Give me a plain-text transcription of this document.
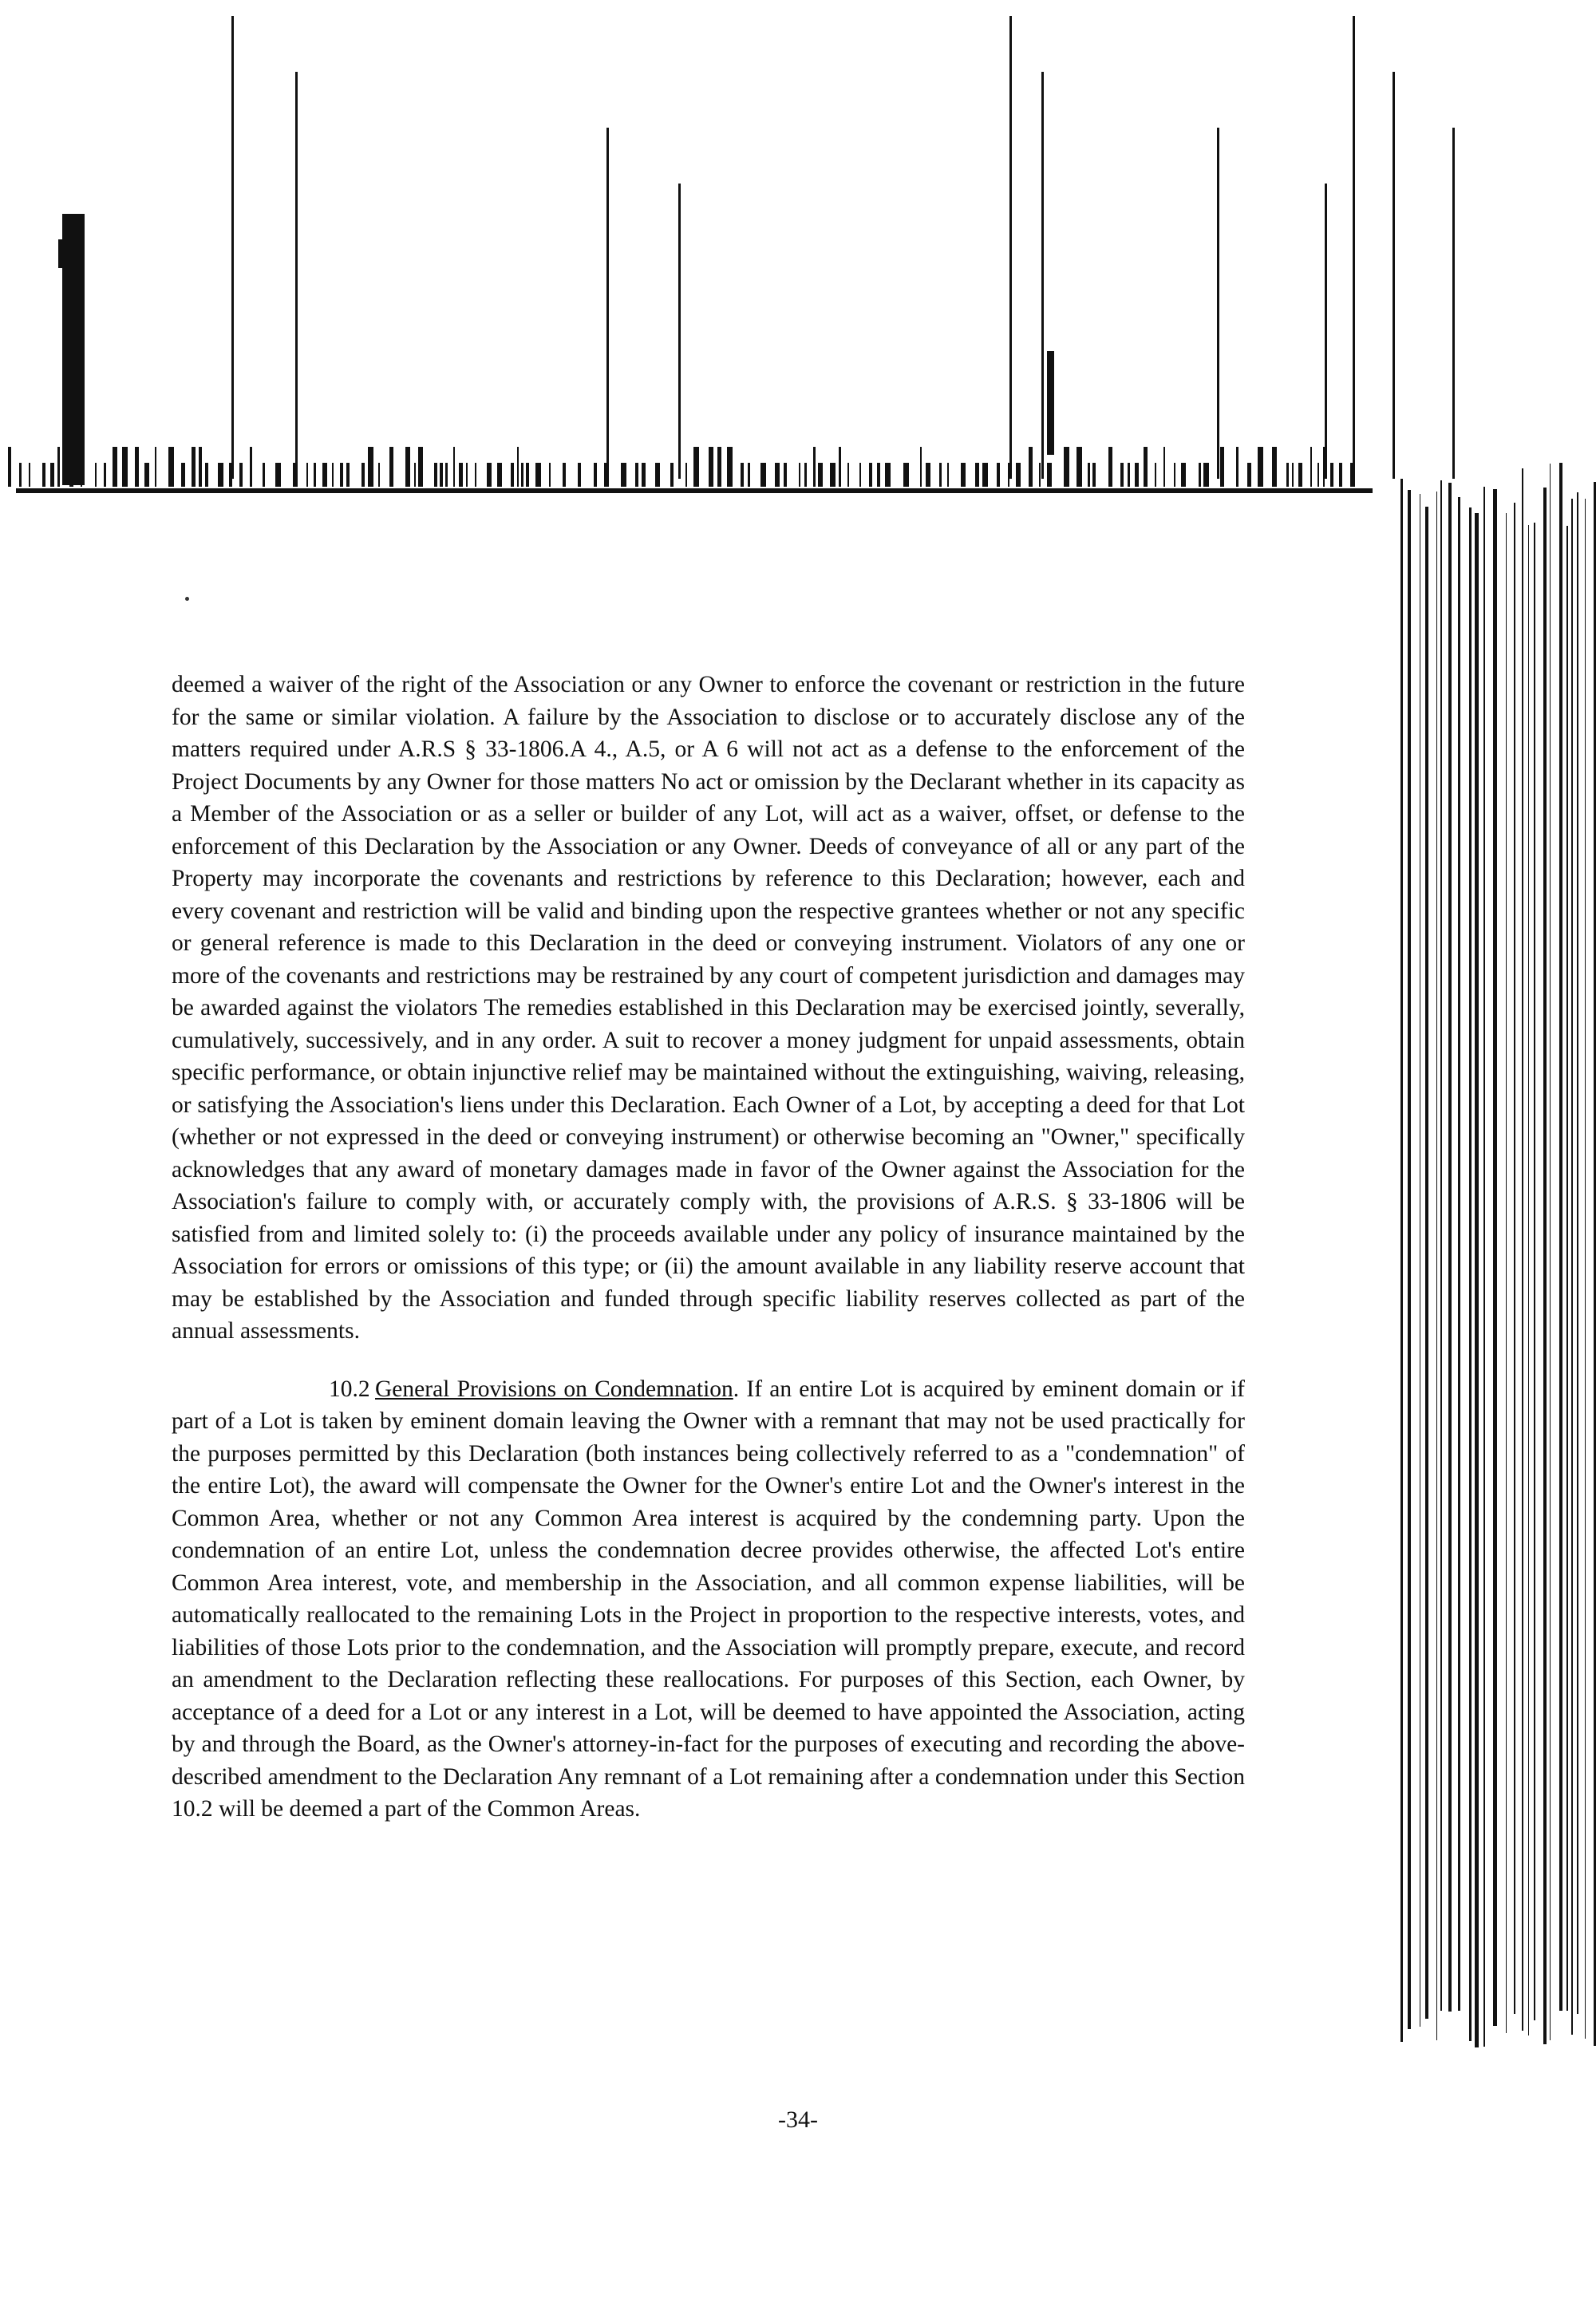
deemed a waiver of the right of the Association or any Owner to enforce the covenant or restriction in the future for the same or similar violation. A failure by the Association to disclose or to accurately disclose any of the matters required under A.R.S § 33-1806.A 4., A.5, or A 6 will not act as a defense to the enforcement of the Project Documents by any Owner for those matters No act or omission by the Declarant whether in its capacity as a Member of the Association or as a seller or builder of any Lot, will act as a waiver, offset, or defense to the enforcement of this Declaration by the Association or any Owner. Deeds of conveyance of all or any part of the Property may incorporate the covenants and restrictions by reference to this Declaration; however, each and every covenant and restriction will be valid and binding upon the respective grantees whether or not any specific or general reference is made to this Declaration in the deed or conveying instrument. Violators of any one or more of the covenants and restrictions may be restrained by any court of competent jurisdiction and damages may be awarded against the violators The remedies established in this Declaration may be exercised jointly, severally, cumulatively, successively, and in any order. A suit to recover a money judgment for unpaid assessments, obtain specific performance, or obtain injunctive relief may be maintained without the extinguishing, waiving, releasing, or satisfying the Association's liens under this Declaration. Each Owner of a Lot, by accepting a deed for that Lot (whether or not expressed in the deed or conveying instrument) or otherwise becoming an "Owner," specifically acknowledges that any award of monetary damages made in favor of the Owner against the Association for the Association's failure to comply with, or accurately comply with, the provisions of A.R.S. § 33-1806 will be satisfied from and limited solely to: (i) the proceeds available under any policy of insurance maintained by the Association for errors or omissions of this type; or (ii) the amount available in any liability reserve account that may be established by the Association and funded through specific liability reserves collected as part of the annual assessments.

10.2 General Provisions on Condemnation. If an entire Lot is acquired by eminent domain or if part of a Lot is taken by eminent domain leaving the Owner with a remnant that may not be used practically for the purposes permitted by this Declaration (both instances being collectively referred to as a "condemnation" of the entire Lot), the award will compensate the Owner for the Owner's entire Lot and the Owner's interest in the Common Area, whether or not any Common Area interest is acquired by the condemning party. Upon the condemnation of an entire Lot, unless the condemnation decree provides otherwise, the affected Lot's entire Common Area interest, vote, and membership in the Association, and all common expense liabilities, will be automatically reallocated to the remaining Lots in the Project in proportion to the respective interests, votes, and liabilities of those Lots prior to the condemnation, and the Association will promptly prepare, execute, and record an amendment to the Declaration reflecting these reallocations. For purposes of this Section, each Owner, by acceptance of a deed for a Lot or any interest in a Lot, will be deemed to have appointed the Association, acting by and through the Board, as the Owner's attorney-in-fact for the purposes of executing and recording the above-described amendment to the Declaration Any remnant of a Lot remaining after a condemnation under this Section 10.2 will be deemed a part of the Common Areas.

-34-
